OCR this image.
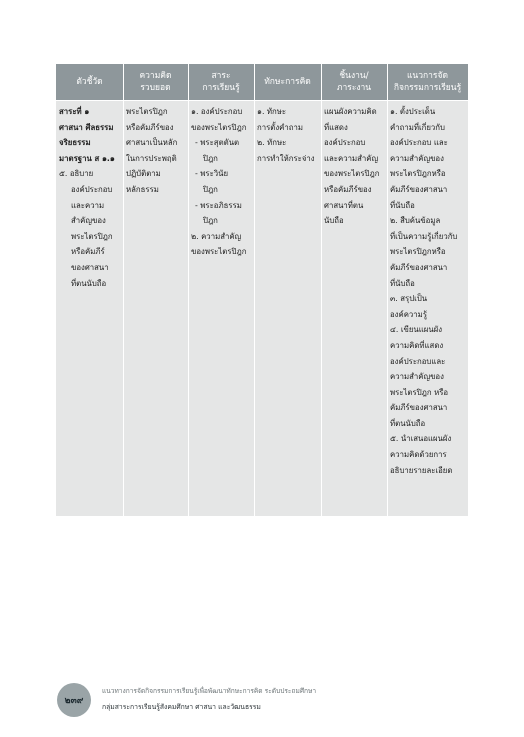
ตัวชี้วัด
ความคิด
รวบยอด
สาระ
การเรียนรู้
ทักษะการคิด
ชิ้นงาน/
ภาระงาน
แนวการจัด
กิจกรรมการเรียนรู้
สาระที่ ๑
ศาสนา ศีลธรรม
จริยธรรม
มาตรฐาน ส ๑.๑
๕. อธิบาย
องค์ประกอบ
และความ
สำคัญของ
พระไตรปิฎก
หรือคัมภีร์
ของศาสนา
ที่ตนนับถือ
พระไตรปิฎก
หรือคัมภีร์ของ
ศาสนาเป็นหลัก
ในการประพฤติ
ปฏิบัติตาม
หลักธรรม
๑. องค์ประกอบ
ของพระไตรปิฎก
- พระสุตตันต
ปิฎก
- พระวินัย
ปิฎก
- พระอภิธรรม
ปิฎก
๒. ความสำคัญ
ของพระไตรปิฎก
๑. ทักษะ
การตั้งคำถาม
๒. ทักษะ
การทำให้กระจ่าง
แผนผังความคิด
ที่แสดง
องค์ประกอบ
และความสำคัญ
ของพระไตรปิฎก
หรือคัมภีร์ของ
ศาสนาที่ตน
นับถือ
๑. ตั้งประเด็น
คำถามที่เกี่ยวกับ
องค์ประกอบ และ
ความสำคัญของ
พระไตรปิฎกหรือ
คัมภีร์ของศาสนา
ที่นับถือ
๒. สืบค้นข้อมูล
ที่เป็นความรู้เกี่ยวกับ
พระไตรปิฎกหรือ
คัมภีร์ของศาสนา
ที่นับถือ
๓. สรุปเป็น
องค์ความรู้
๔. เขียนแผนผัง
ความคิดที่แสดง
องค์ประกอบและ
ความสำคัญของ
พระไตรปิฎก หรือ
คัมภีร์ของศาสนา
ที่ตนนับถือ
๕. นำเสนอแผนผัง
ความคิดด้วยการ
อธิบายรายละเอียด
๒๓๙
แนวทางการจัดกิจกรรมการเรียนรู้เพื่อพัฒนาทักษะการคิด ระดับประถมศึกษา
กลุ่มสาระการเรียนรู้สังคมศึกษา ศาสนา และวัฒนธรรม
